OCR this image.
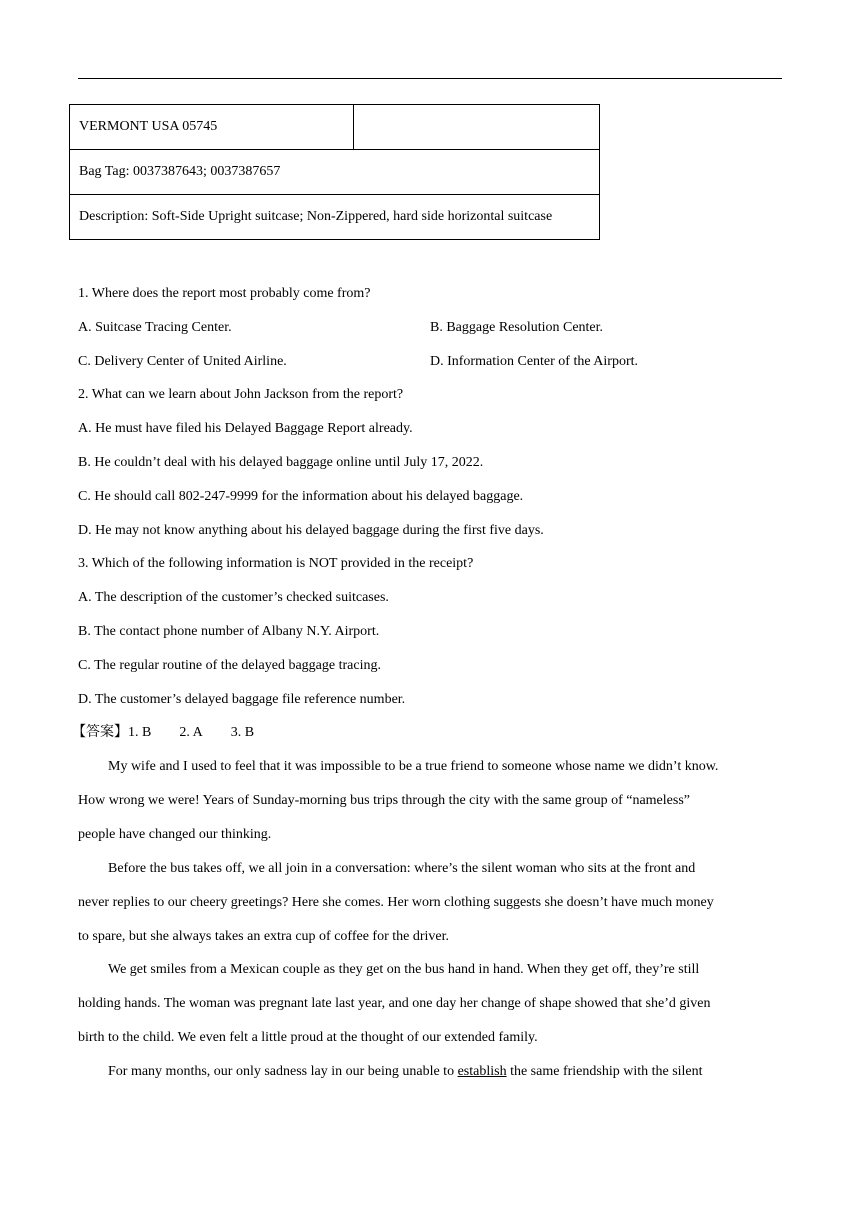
VERMONT USA 05745	
Bag Tag: 0037387643; 0037387657
Description: Soft-Side Upright suitcase; Non-Zippered, hard side horizontal suitcase
1. Where does the report most probably come from?
A. Suitcase Tracing Center.	B. Baggage Resolution Center.
C. Delivery Center of United Airline.	D. Information Center of the Airport.
2. What can we learn about John Jackson from the report?
A. He must have filed his Delayed Baggage Report already.
B. He couldn’t deal with his delayed baggage online until July 17, 2022.
C. He should call 802-247-9999 for the information about his delayed baggage.
D. He may not know anything about his delayed baggage during the first five days.
3. Which of the following information is NOT provided in the receipt?
A. The description of the customer’s checked suitcases.
B. The contact phone number of Albany N.Y. Airport.
C. The regular routine of the delayed baggage tracing.
D. The customer’s delayed baggage file reference number.
【答案】1. B 2. A 3. B
My wife and I used to feel that it was impossible to be a true friend to someone whose name we didn’t know.
How wrong we were! Years of Sunday-morning bus trips through the city with the same group of “nameless”
people have changed our thinking.
Before the bus takes off, we all join in a conversation: where’s the silent woman who sits at the front and
never replies to our cheery greetings? Here she comes. Her worn clothing suggests she doesn’t have much money
to spare, but she always takes an extra cup of coffee for the driver.
We get smiles from a Mexican couple as they get on the bus hand in hand. When they get off, they’re still
holding hands. The woman was pregnant late last year, and one day her change of shape showed that she’d given
birth to the child. We even felt a little proud at the thought of our extended family.
For many months, our only sadness lay in our being unable to establish the same friendship with the silent
